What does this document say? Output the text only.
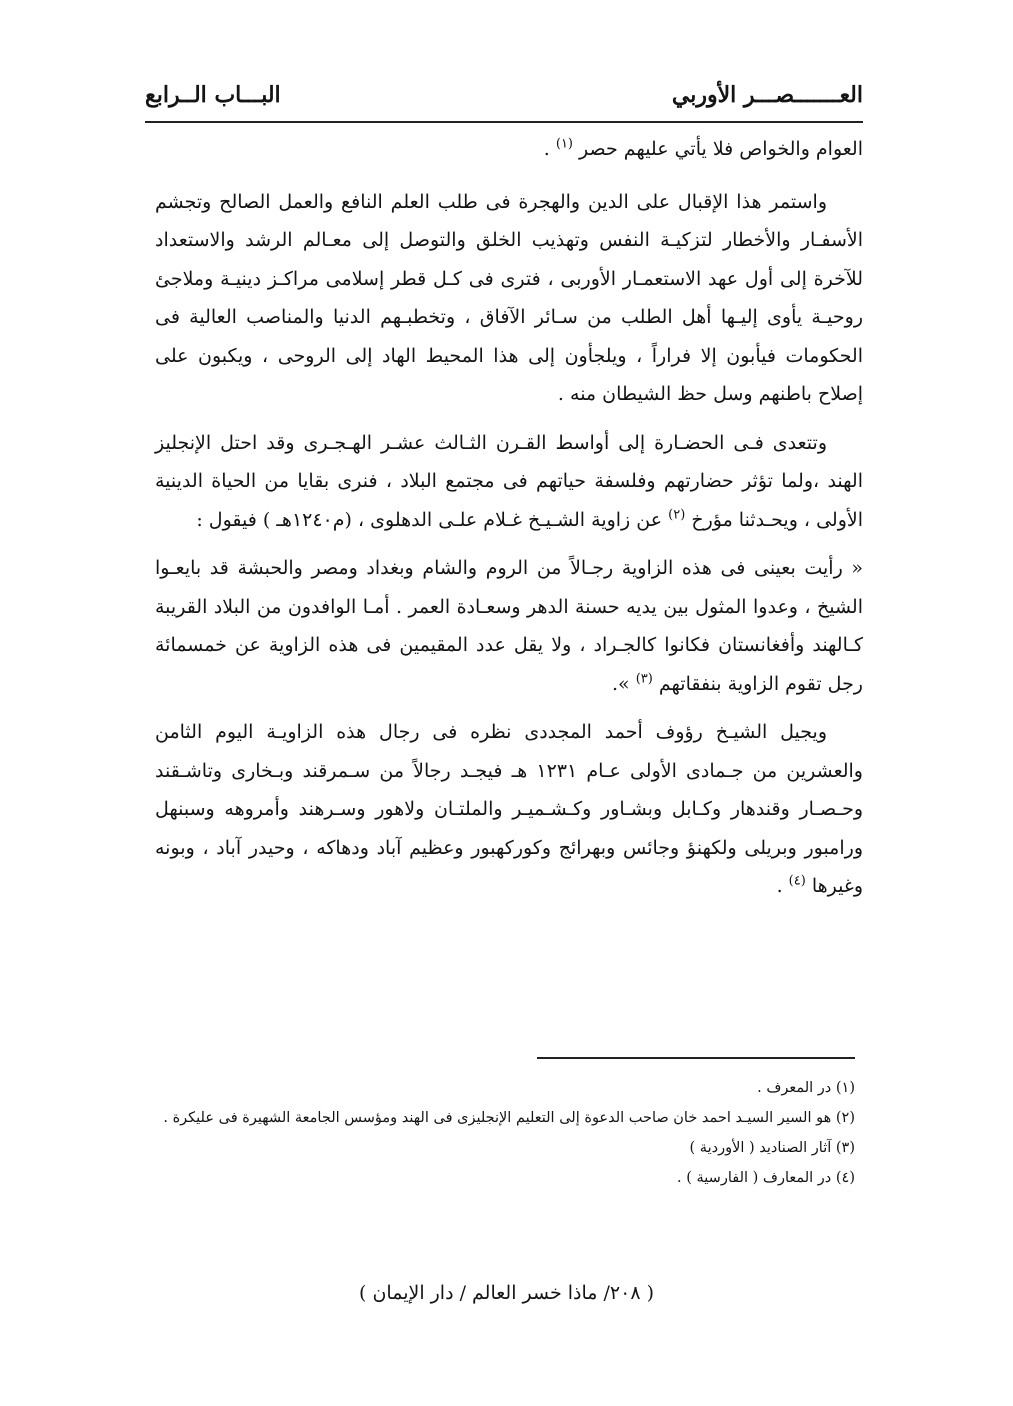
العـــــــصـــر الأوربي
البـــاب الــرابع

العوام والخواص فلا يأتي عليهم حصر $^{(١)}$ .

واستمر هذا الإقبال على الدين والهجرة فى طلب العلم النافع والعمل الصالح وتجشم الأسفـار والأخطار لتزكيـة النفس وتهذيب الخلق والتوصل إلى معـالم الرشد والاستعداد للآخرة إلى أول عهد الاستعمـار الأوربى ، فترى فى كـل قطر إسلامى مراكـز دينيـة وملاجئ روحيـة يأوى إليـها أهل الطلب من سـائر الآفاق ، وتخطبـهم الدنيا والمناصب العالية فى الحكومات فيأبون إلا فراراً ، ويلجأون إلى هذا المحيط الهاد إلى الروحى ، ويكبون على إصلاح باطنهم وسل حظ الشيطان منه .

وتتعدى فـى الحضـارة إلى أواسط القـرن الثـالث عشـر الهـجـرى وقد احتل الإنجليز الهند ،ولما تؤثر حضارتهم وفلسفة حياتهم فى مجتمع البلاد ، فنرى بقايا من الحياة الدينية الأولى ، ويحـدثنا مؤرخ $^{(٢)}$ عن زاوية الشـيـخ غـلام علـى الدهلوى ، (م١٢٤٠هـ ) فيقول :

« رأيت بعينى فى هذه الزاوية رجـالاً من الروم والشام وبغداد ومصر والحبشة قد بايعـوا الشيخ ، وعدوا المثول بين يديه حسنة الدهر وسعـادة العمر . أمـا الوافدون من البلاد القريبة كـالهند وأفغانستان فكانوا كالجـراد ، ولا يقل عدد المقيمين فى هذه الزاوية عن خمسمائة رجل تقوم الزاوية بنفقاتهم $^{(٣)}$ ».

ويجيل الشيـخ رؤوف أحمد المجددى نظره فى رجال هذه الزاويـة اليوم الثامن والعشرين من جـمادى الأولى عـام ١٢٣١ هـ فيجـد رجالاً من سـمرقند وبـخارى وتاشـقند وحـصـار وقندهار وكـابل وبشـاور وكـشـميـر والملتـان ولاهور وسـرهند وأمروهه وسبنهل ورامبور وبريلى ولكهنؤ وجائس وبهرائج وكوركهبور وعظيم آباد ودهاكه ، وحيدر آباد ، وبونه وغيرها $^{(٤)}$ .

(١) در المعرف .

(٢) هو السير السيـد احمد خان صاحب الدعوة إلى التعليم الإنجليزى فى الهند ومؤسس الجامعة الشهيرة فى عليكرة .

(٣) آثار الصناديد ( الأوردية )

(٤) در المعارف ( الفارسية ) .

( ٢٠٨/ ماذا خسر العالم / دار الإيمان )
